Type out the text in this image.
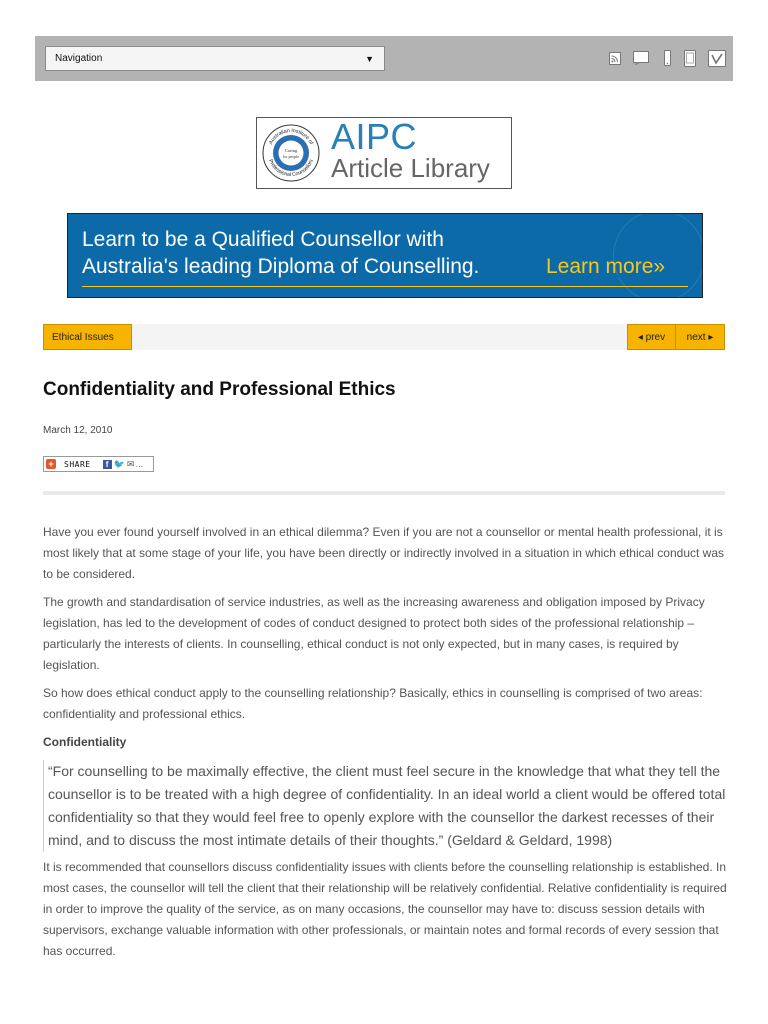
Navigation	▼
Australian Institute of
Professional Counsellors
Caring
for people AIPC
Article Library
Learn to be a Qualified Counsellor with
Australia's leading Diploma of Counselling.	Learn more»
Ethical Issues	◂ prev	next ▸
Confidentiality and Professional Ethics
March 12, 2010
+ SHARE	f 🐦 ✉ …

Have you ever found yourself involved in an ethical dilemma? Even if you are not a counsellor or mental health professional, it is most likely that at some stage of your life, you have been directly or indirectly involved in a situation in which ethical conduct was to be considered.

The growth and standardisation of service industries, as well as the increasing awareness and obligation imposed by Privacy legislation, has led to the development of codes of conduct designed to protect both sides of the professional relationship – particularly the interests of clients. In counselling, ethical conduct is not only expected, but in many cases, is required by legislation.

So how does ethical conduct apply to the counselling relationship? Basically, ethics in counselling is comprised of two areas: confidentiality and professional ethics.

Confidentiality

“For counselling to be maximally effective, the client must feel secure in the knowledge that what they tell the counsellor is to be treated with a high degree of confidentiality. In an ideal world a client would be offered total confidentiality so that they would feel free to openly explore with the counsellor the darkest recesses of their mind, and to discuss the most intimate details of their thoughts.” (Geldard & Geldard, 1998)

It is recommended that counsellors discuss confidentiality issues with clients before the counselling relationship is established. In most cases, the counsellor will tell the client that their relationship will be relatively confidential. Relative confidentiality is required in order to improve the quality of the service, as on many occasions, the counsellor may have to: discuss session details with supervisors, exchange valuable information with other professionals, or maintain notes and formal records of every session that has occurred.
